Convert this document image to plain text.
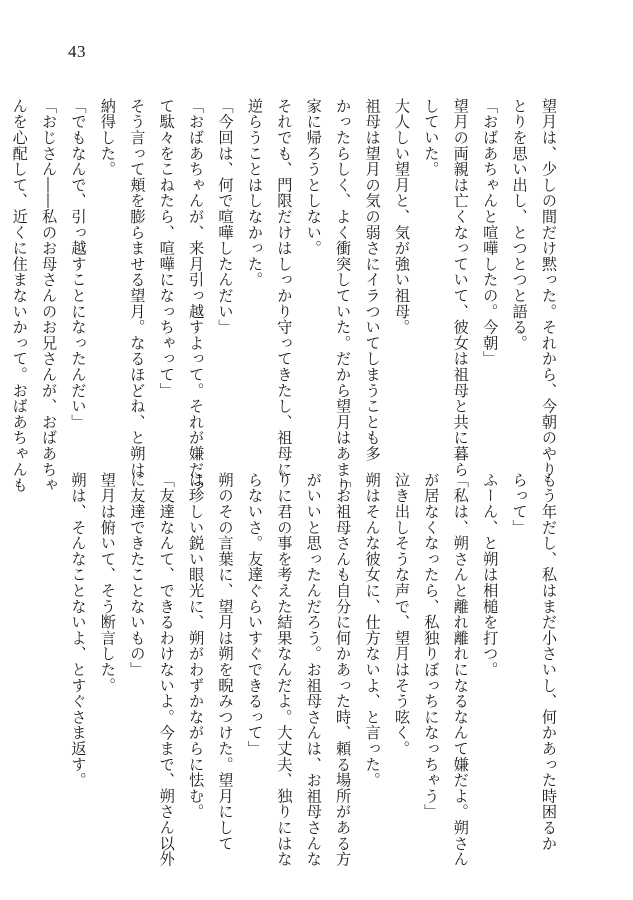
43
望月は、少しの間だけ黙った。それから、今朝のやり
とりを思い出し、とつとつと語る。
「おばあちゃんと喧嘩したの。今朝」
望月の両親は亡くなっていて、彼女は祖母と共に暮ら
していた。
大人しい望月と、気が強い祖母。
祖母は望月の気の弱さにイラついてしまうことも多
かったらしく、よく衝突していた。だから望月はあまり
家に帰ろうとしない。
それでも、門限だけはしっかり守ってきたし、祖母に
逆らうことはしなかった。
「今回は、何で喧嘩したんだい」
「おばあちゃんが、来月引っ越すよって。それが嫌だっ
て駄々をこねたら、喧嘩になっちゃって」
そう言って頬を膨らませる望月。なるほどね、と朔は
納得した。
「でもなんで、引っ越すことになったんだい」
「おじさん――私のお母さんのお兄さんが、おばあちゃ
んを心配して、近くに住まないかって。おばあちゃんも
もう年だし、私はまだ小さいし、何かあった時困るか
らって」
ふーん、と朔は相槌を打つ。
「私は、朔さんと離れ離れになるなんて嫌だよ。朔さん
が居なくなったら、私独りぼっちになっちゃう」
泣き出しそうな声で、望月はそう呟く。
朔はそんな彼女に、仕方ないよ、と言った。
「お祖母さんも自分に何かあった時、頼る場所がある方
がいいと思ったんだろう。お祖母さんは、お祖母さんな
りに君の事を考えた結果なんだよ。大丈夫、独りにはな
らないさ。友達ぐらいすぐできるって」
朔のその言葉に、望月は朔を睨みつけた。望月にして
は珍しい鋭い眼光に、朔がわずかながらに怯む。
「友達なんて、できるわけないよ。今まで、朔さん以外
に友達できたことないもの」
望月は俯いて、そう断言した。
朔は、そんなことないよ、とすぐさま返す。
